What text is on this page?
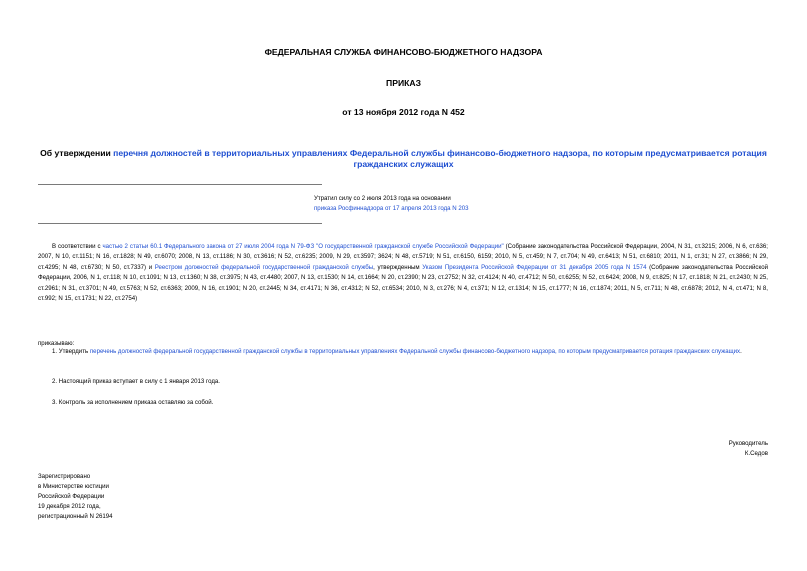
ФЕДЕРАЛЬНАЯ СЛУЖБА ФИНАНСОВО-БЮДЖЕТНОГО НАДЗОРА
ПРИКАЗ
от 13 ноября 2012 года N 452
Об утверждении перечня должностей в территориальных управлениях Федеральной службы финансово-бюджетного надзора, по которым предусматривается ротация гражданских служащих
Утратил силу со 2 июля 2013 года на основании
приказа Росфиннадзора от 17 апреля 2013 года N 203
В соответствии с частью 2 статьи 60.1 Федерального закона от 27 июля 2004 года N 79-ФЗ "О государственной гражданской службе Российской Федерации" (Собрание законодательства Российской Федерации, 2004, N 31, ст.3215; 2006, N 6, ст.636; 2007, N 10, ст.1151; N 16, ст.1828; N 49, ст.6070; 2008, N 13, ст.1186; N 30, ст.3616; N 52, ст.6235; 2009, N 29, ст.3597; 3624; N 48, ст.5719; N 51, ст.6150, 6159; 2010, N 5, ст.459; N 7, ст.704; N 49, ст.6413; N 51, ст.6810; 2011, N 1, ст.31; N 27, ст.3866; N 29, ст.4295; N 48, ст.6730; N 50, ст.7337) и Реестром должностей федеральной государственной гражданской службы, утвержденным Указом Президента Российской Федерации от 31 декабря 2005 года N 1574 (Собрание законодательства Российской Федерации, 2006, N 1, ст.118; N 10, ст.1091; N 13, ст.1360; N 38, ст.3975; N 43, ст.4480; 2007, N 13, ст.1530; N 14, ст.1664; N 20, ст.2390; N 23, ст.2752; N 32, ст.4124; N 40, ст.4712; N 50, ст.6255; N 52, ст.6424; 2008, N 9, ст.825; N 17, ст.1818; N 21, ст.2430; N 25, ст.2961; N 31, ст.3701; N 49, ст.5763; N 52, ст.6363; 2009, N 16, ст.1901; N 20, ст.2445; N 34, ст.4171; N 36, ст.4312; N 52, ст.6534; 2010, N 3, ст.276; N 4, ст.371; N 12, ст.1314; N 15, ст.1777; N 16, ст.1874; 2011, N 5, ст.711; N 48, ст.6878; 2012, N 4, ст.471; N 8, ст.992; N 15, ст.1731; N 22, ст.2754)
приказываю:
1. Утвердить перечень должностей федеральной государственной гражданской службы в территориальных управлениях Федеральной службы финансово-бюджетного надзора, по которым предусматривается ротация гражданских служащих.
2. Настоящий приказ вступает в силу с 1 января 2013 года.
3. Контроль за исполнением приказа оставляю за собой.
Руководитель
К.Седов
Зарегистрировано
в Министерстве юстиции
Российской Федерации
19 декабря 2012 года,
регистрационный N 26194
